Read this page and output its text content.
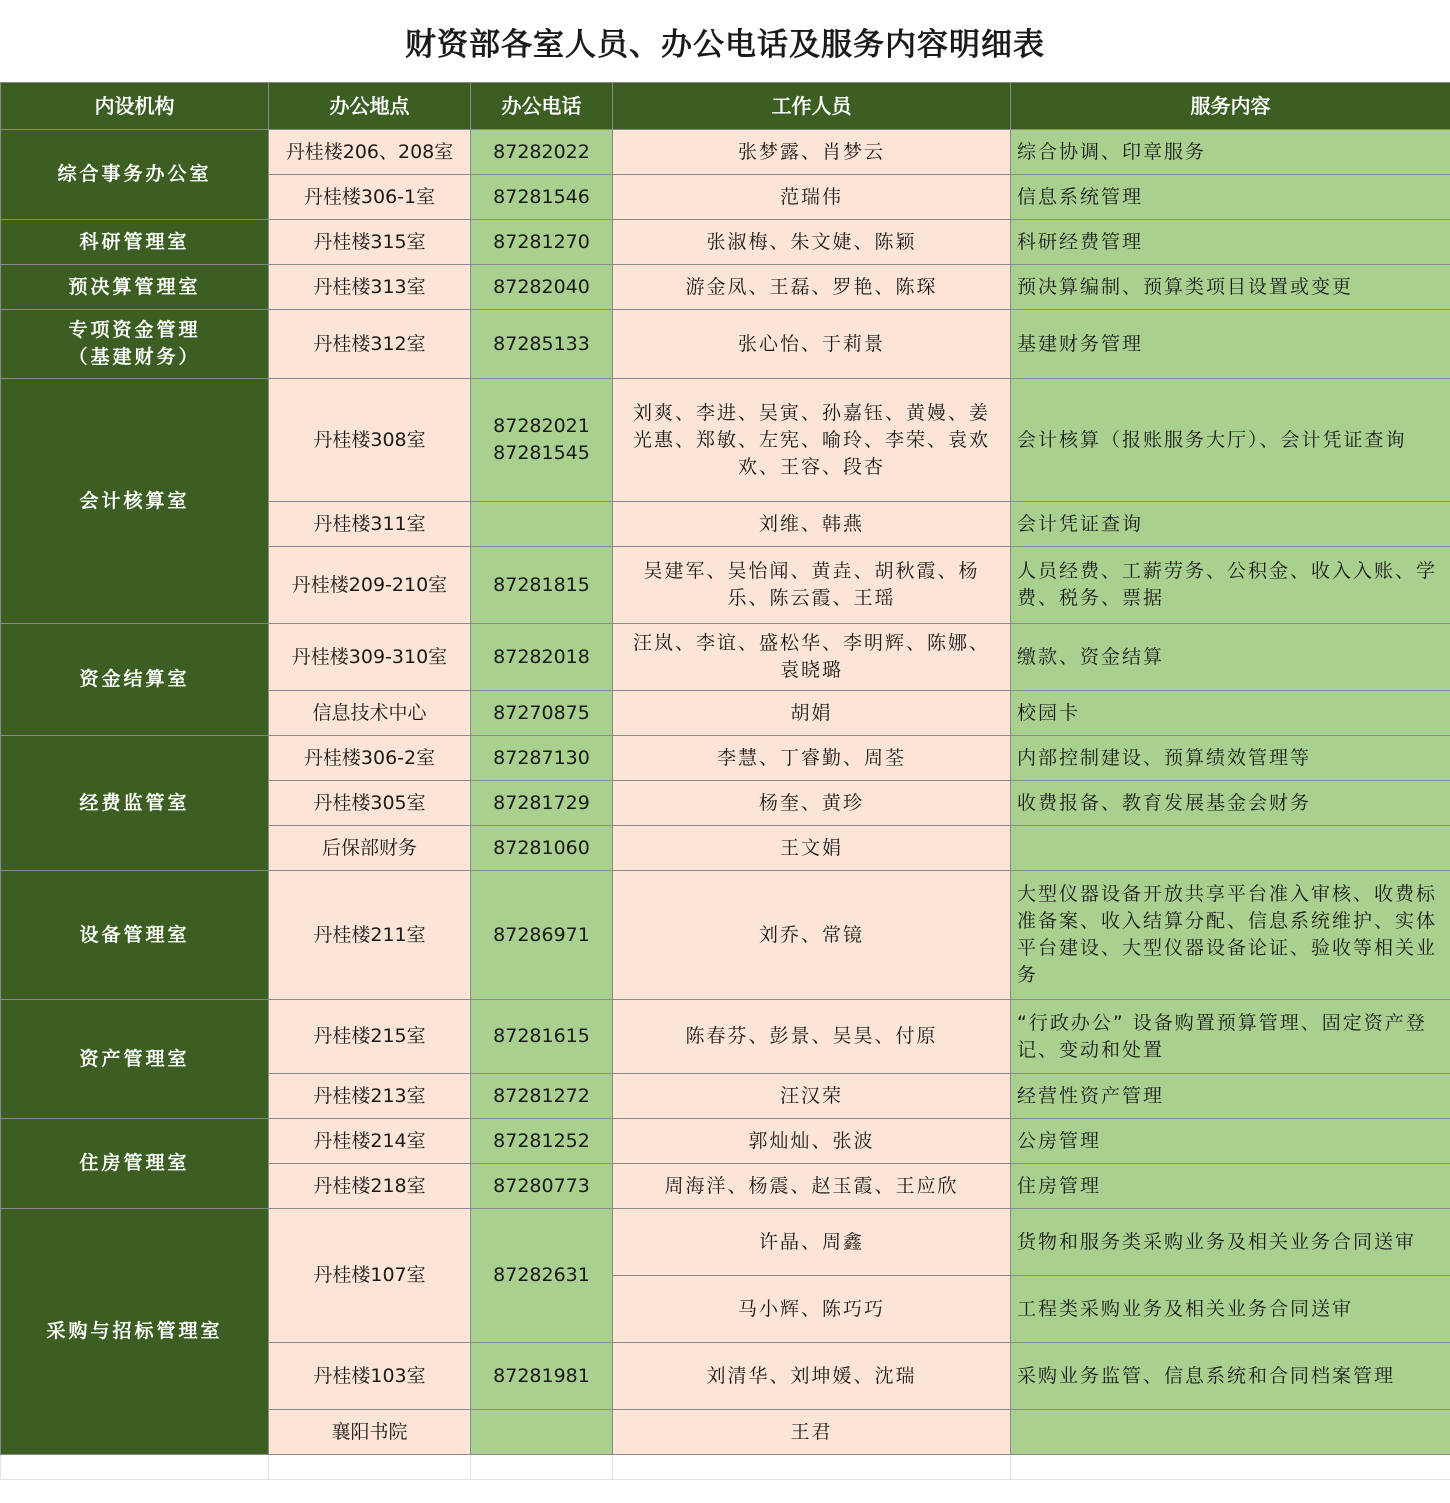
财资部各室人员、办公电话及服务内容明细表
内设机构	办公地点	办公电话	工作人员	服务内容
综合事务办公室	丹桂楼206、208室	87282022	张梦露、肖梦云	综合协调、印章服务
	丹桂楼306-1室	87281546	范瑞伟	信息系统管理
科研管理室	丹桂楼315室	87281270	张淑梅、朱文婕、陈颖	科研经费管理
预决算管理室	丹桂楼313室	87282040	游金凤、王磊、罗艳、陈琛	预决算编制、预算类项目设置或变更
专项资金管理（基建财务）	丹桂楼312室	87285133	张心怡、于莉景	基建财务管理
会计核算室	丹桂楼308室	87282021 87281545	刘爽、李进、吴寅、孙嘉钰、黄嫚、姜光惠、郑敏、左宪、喻玲、李荣、袁欢欢、王容、段杏	会计核算（报账服务大厅）、会计凭证查询
	丹桂楼311室		刘维、韩燕	会计凭证查询
	丹桂楼209-210室	87281815	吴建军、吴怡闻、黄垚、胡秋霞、杨乐、陈云霞、王瑶	人员经费、工薪劳务、公积金、收入入账、学费、税务、票据
资金结算室	丹桂楼309-310室	87282018	汪岚、李谊、盛松华、李明辉、陈娜、袁晓璐	缴款、资金结算
	信息技术中心	87270875	胡娟	校园卡
经费监管室	丹桂楼306-2室	87287130	李慧、丁睿勤、周荃	内部控制建设、预算绩效管理等
	丹桂楼305室	87281729	杨奎、黄珍	收费报备、教育发展基金会财务
	后保部财务	87281060	王文娟	
设备管理室	丹桂楼211室	87286971	刘乔、常镜	大型仪器设备开放共享平台准入审核、收费标准备案、收入结算分配、信息系统维护、实体平台建设、大型仪器设备论证、验收等相关业务
资产管理室	丹桂楼215室	87281615	陈春芬、彭景、吴昊、付原	“行政办公” 设备购置预算管理、固定资产登记、变动和处置
	丹桂楼213室	87281272	汪汉荣	经营性资产管理
住房管理室	丹桂楼214室	87281252	郭灿灿、张波	公房管理
	丹桂楼218室	87280773	周海洋、杨震、赵玉霞、王应欣	住房管理
采购与招标管理室	丹桂楼107室	87282631	许晶、周鑫	货物和服务类采购业务及相关业务合同送审
			马小辉、陈巧巧	工程类采购业务及相关业务合同送审
	丹桂楼103室	87281981	刘清华、刘坤媛、沈瑞	采购业务监管、信息系统和合同档案管理
	襄阳书院		王君	
